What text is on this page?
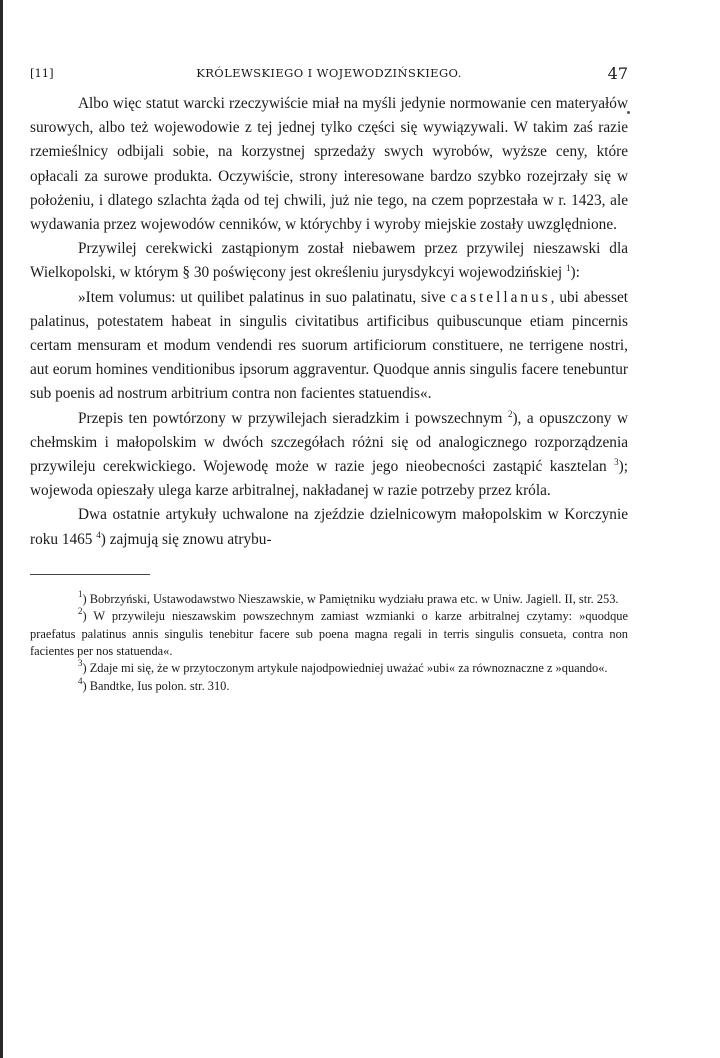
[11]	KRÓLEWSKIEGO I WOJEWODZIŃSKIEGO.	47

Albo więc statut warcki rzeczywiście miał na myśli jedynie normowanie cen materyałów surowych, albo też wojewodowie z tej jednej tylko części się wywiązywali. W takim zaś razie rzemieślnicy odbijali sobie, na korzystnej sprzedaży swych wyrobów, wyższe ceny, które opłacali za surowe produkta. Oczywiście, strony interesowane bardzo szybko rozejrzały się w położeniu, i dlatego szlachta żąda od tej chwili, już nie tego, na czem poprzestała w r. 1423, ale wydawania przez wojewodów cenników, w którychby i wyroby miejskie zostały uwzględnione.

Przywilej cerekwicki zastąpionym został niebawem przez przywilej nieszawski dla Wielkopolski, w którym § 30 poświęcony jest określeniu jurysdykcyi wojewodzińskiej $^1$):

»Item volumus: ut quilibet palatinus in suo palatinatu, sive castellanus, ubi abesset palatinus, potestatem habeat in singulis civitatibus artificibus quibuscunque etiam pincernis certam mensuram et modum vendendi res suorum artificiorum constituere, ne terrigene nostri, aut eorum homines venditionibus ipsorum aggraventur. Quodque annis singulis facere tenebuntur sub poenis ad nostrum arbitrium contra non facientes statuendis«.

Przepis ten powtórzony w przywilejach sieradzkim i powszechnym $^2$), a opuszczony w chełmskim i małopolskim w dwóch szczegółach różni się od analogicznego rozporządzenia przywileju cerekwickiego. Wojewodę może w razie jego nieobecności zastąpić kasztelan $^3$); wojewoda opieszały ulega karze arbitralnej, nakładanej w razie potrzeby przez króla.

Dwa ostatnie artykuły uchwalone na zjeździe dzielnicowym małopolskim w Korczynie roku 1465 $^4$) zajmują się znowu atrybu-

$^1$) Bobrzyński, Ustawodawstwo Nieszawskie, w Pamiętniku wydziału prawa etc. w Uniw. Jagiell. II, str. 253.

$^2$) W przywileju nieszawskim powszechnym zamiast wzmianki o karze arbitralnej czytamy: »quodque praefatus palatinus annis singulis tenebitur facere sub poena magna regali in terris singulis consueta, contra non facientes per nos statuenda«.

$^3$) Zdaje mi się, że w przytoczonym artykule najodpowiedniej uważać »ubi« za równoznaczne z »quando«.

$^4$) Bandtke, Ius polon. str. 310.
